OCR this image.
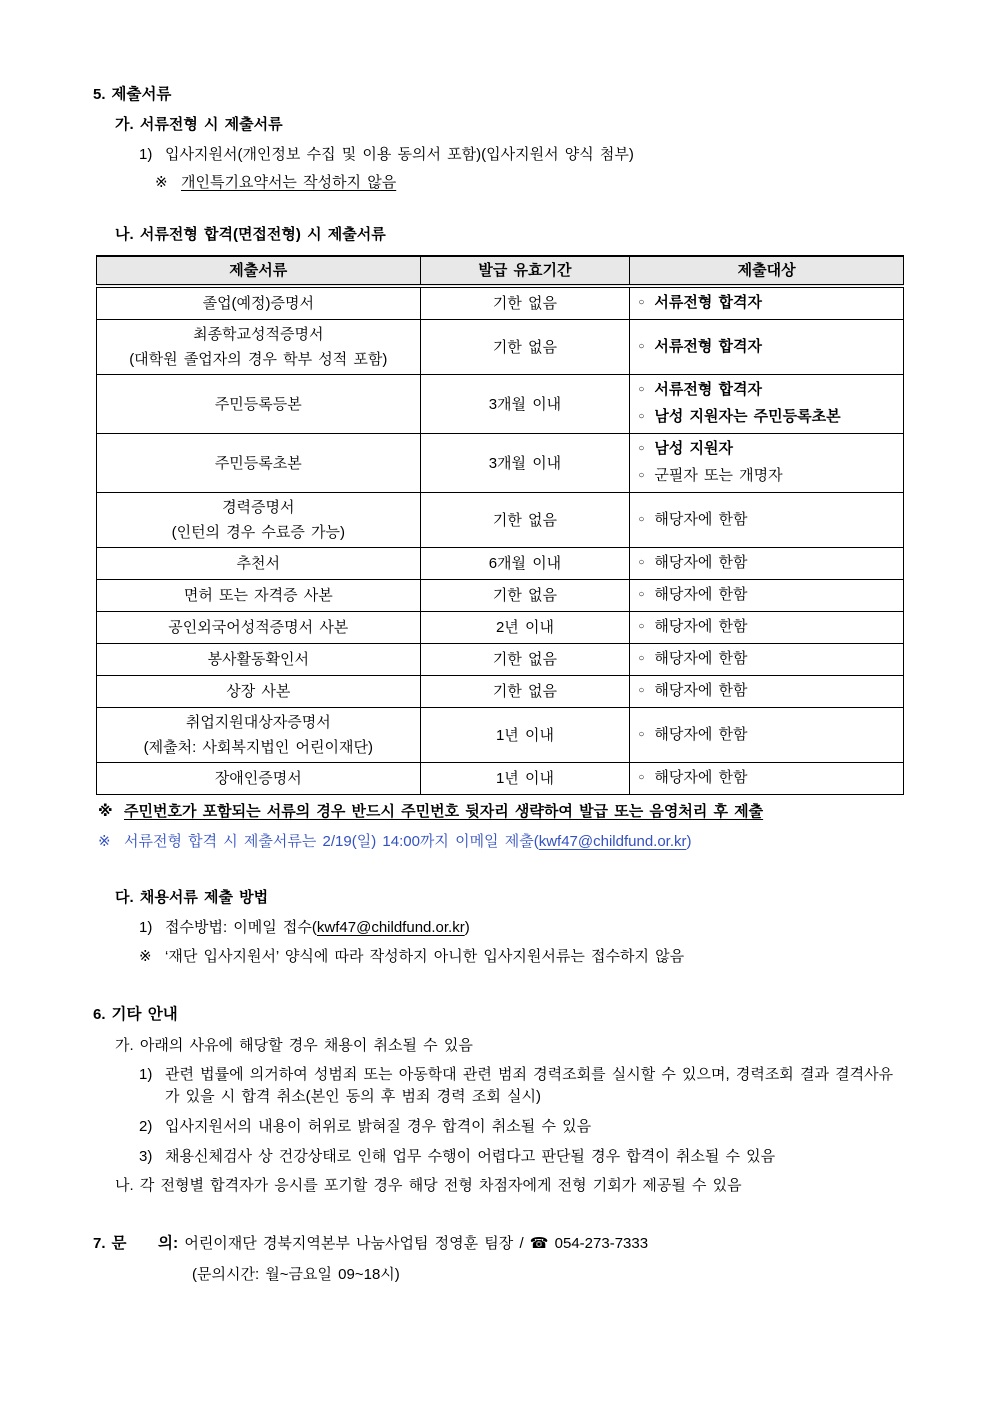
5. 제출서류
가. 서류전형 시 제출서류
1) 입사지원서(개인정보 수집 및 이용 동의서 포함)(입사지원서 양식 첨부)
※ 개인특기요약서는 작성하지 않음
나. 서류전형 합격(면접전형) 시 제출서류
제출서류	발급 유효기간	제출대상

졸업(예정)증명서	기한 없음	○ 서류전형 합격자

최종학교성적증명서
(대학원 졸업자의 경우 학부 성적 포함)
	기한 없음	○ 서류전형 합격자

주민등록등본	3개월 이내	○ 서류전형 합격자
○ 남성 지원자는 주민등록초본

주민등록초본	3개월 이내	○ 남성 지원자
○ 군필자 또는 개명자

경력증명서
(인턴의 경우 수료증 가능)
	기한 없음	○ 해당자에 한함

추천서	6개월 이내	○ 해당자에 한함

면허 또는 자격증 사본	기한 없음	○ 해당자에 한함

공인외국어성적증명서 사본	2년 이내	○ 해당자에 한함

봉사활동확인서	기한 없음	○ 해당자에 한함

상장 사본	기한 없음	○ 해당자에 한함

취업지원대상자증명서
(제출처: 사회복지법인 어린이재단)
	1년 이내	○ 해당자에 한함

장애인증명서	1년 이내	○ 해당자에 한함
※ 주민번호가 포함되는 서류의 경우 반드시 주민번호 뒷자리 생략하여 발급 또는 음영처리 후 제출
※ 서류전형 합격 시 제출서류는 2/19(일) 14:00까지 이메일 제출(kwf47@childfund.or.kr)
다. 채용서류 제출 방법
1) 접수방법: 이메일 접수(kwf47@childfund.or.kr)
※ ‘재단 입사지원서’ 양식에 따라 작성하지 아니한 입사지원서류는 접수하지 않음
6. 기타 안내
가. 아래의 사유에 해당할 경우 채용이 취소될 수 있음
1) 관련 법률에 의거하여 성범죄 또는 아동학대 관련 범죄 경력조회를 실시할 수 있으며, 경력조회 결과 결격사유가 있을 시 합격 취소(본인 동의 후 범죄 경력 조회 실시)
2) 입사지원서의 내용이 허위로 밝혀질 경우 합격이 취소될 수 있음
3) 채용신체검사 상 건강상태로 인해 업무 수행이 어렵다고 판단될 경우 합격이 취소될 수 있음
나. 각 전형별 합격자가 응시를 포기할 경우 해당 전형 차점자에게 전형 기회가 제공될 수 있음
7. 문     의: 어린이재단 경북지역본부 나눔사업팀 정영훈 팀장 / ☎ 054-273-7333
(문의시간: 월~금요일 09~18시)
